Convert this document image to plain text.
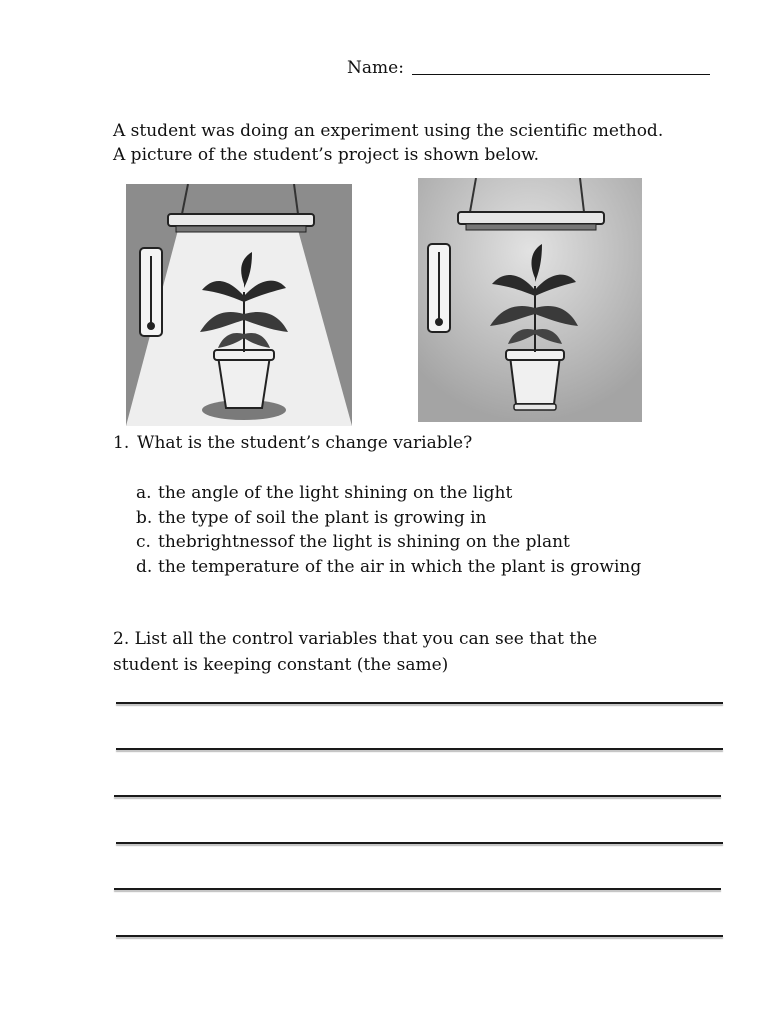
Name:
A student was doing an experiment using the scientific method.
A picture of the student’s project is shown below.
1. What is the student’s change variable?
a. the angle of the light shining on the light
b. the type of soil the plant is growing in
c. thebrightnessof the light is shining on the plant
d. the temperature of the air in which the plant is growing
2. List all the control variables that you can see that the
student is keeping constant (the same)
